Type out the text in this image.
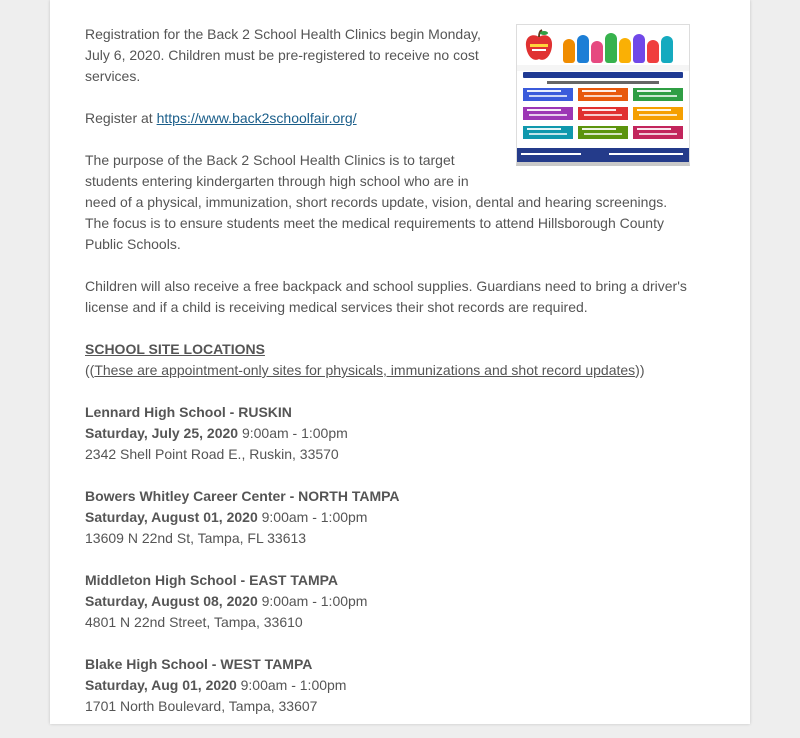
Registration for the Back 2 School Health Clinics begin Monday, July 6, 2020. Children must be pre-registered to receive no cost services.

Register at https://www.back2schoolfair.org/

The purpose of the Back 2 School Health Clinics is to target students entering kindergarten through high school who are in need of a physical, immunization, short records update, vision, dental and hearing screenings. The focus is to ensure students meet the medical requirements to attend Hillsborough County Public Schools.

Children will also receive a free backpack and school supplies. Guardians need to bring a driver's license and if a child is receiving medical services their shot records are required.

SCHOOL SITE LOCATIONS
((These are appointment-only sites for physicals, immunizations and shot record updates))

Lennard High School - RUSKIN
Saturday, July 25, 2020 9:00am - 1:00pm
2342 Shell Point Road E., Ruskin, 33570

Bowers Whitley Career Center - NORTH TAMPA
Saturday, August 01, 2020 9:00am - 1:00pm
13609 N 22nd St, Tampa, FL 33613

Middleton High School - EAST TAMPA
Saturday, August 08, 2020 9:00am - 1:00pm
4801 N 22nd Street, Tampa, 33610

Blake High School - WEST TAMPA
Saturday, Aug 01, 2020 9:00am - 1:00pm
1701 North Boulevard, Tampa, 33607
